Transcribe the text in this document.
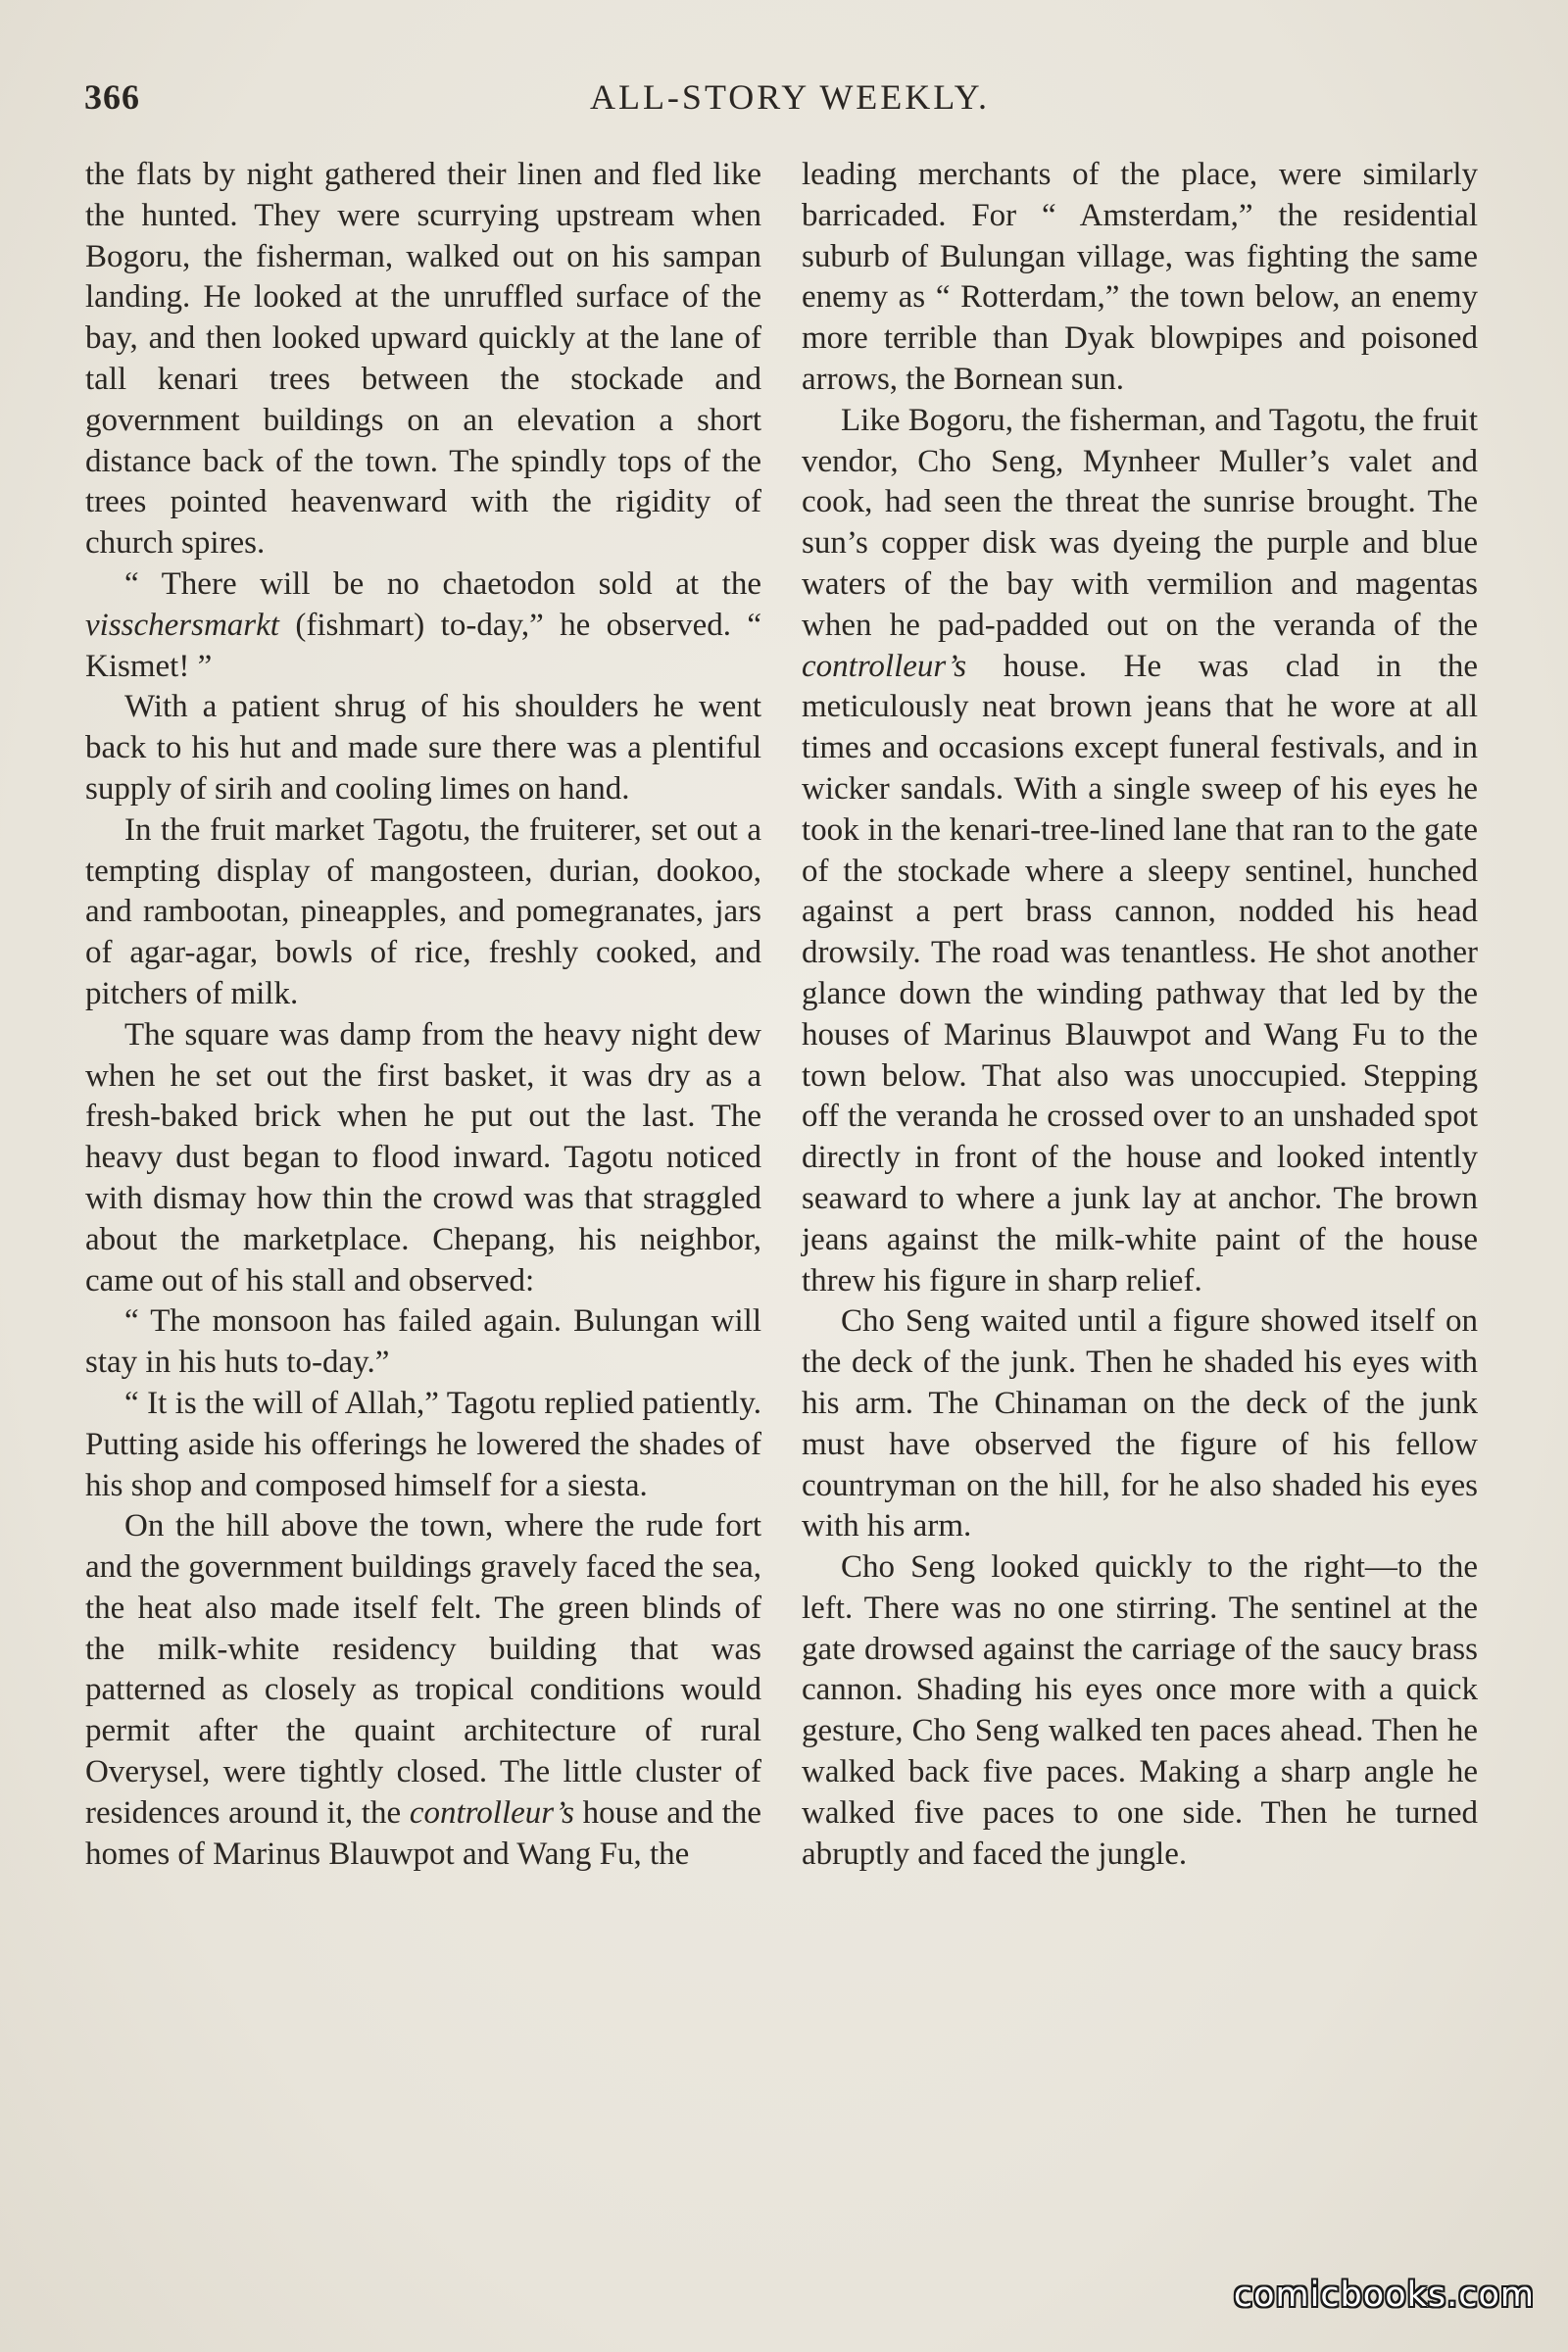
366	ALL-STORY WEEKLY.

the flats by night gathered their linen and fled like the hunted. They were scurrying upstream when Bogoru, the fisherman, walked out on his sampan landing. He looked at the unruffled surface of the bay, and then looked upward quickly at the lane of tall kenari trees between the stockade and government buildings on an elevation a short distance back of the town. The spindly tops of the trees pointed heavenward with the rigidity of church spires.

“ There will be no chaetodon sold at the visschersmarkt (fishmart) to-day,” he observed. “ Kismet! ”

With a patient shrug of his shoulders he went back to his hut and made sure there was a plentiful supply of sirih and cooling limes on hand.

In the fruit market Tagotu, the fruiterer, set out a tempting display of mangosteen, durian, dookoo, and rambootan, pineapples, and pomegranates, jars of agar-agar, bowls of rice, freshly cooked, and pitchers of milk.

The square was damp from the heavy night dew when he set out the first basket, it was dry as a fresh-baked brick when he put out the last. The heavy dust began to flood inward. Tagotu noticed with dismay how thin the crowd was that straggled about the marketplace. Chepang, his neighbor, came out of his stall and observed:

“ The monsoon has failed again. Bulungan will stay in his huts to-day.”

“ It is the will of Allah,” Tagotu replied patiently. Putting aside his offerings he lowered the shades of his shop and composed himself for a siesta.

On the hill above the town, where the rude fort and the government buildings gravely faced the sea, the heat also made itself felt. The green blinds of the milk-white residency building that was patterned as closely as tropical conditions would permit after the quaint architecture of rural Overysel, were tightly closed. The little cluster of residences around it, the controlleur’s house and the homes of Marinus Blauwpot and Wang Fu, the

leading merchants of the place, were similarly barricaded. For “ Amsterdam,” the residential suburb of Bulungan village, was fighting the same enemy as “ Rotterdam,” the town below, an enemy more terrible than Dyak blowpipes and poisoned arrows, the Bornean sun.

Like Bogoru, the fisherman, and Tagotu, the fruit vendor, Cho Seng, Mynheer Muller’s valet and cook, had seen the threat the sunrise brought. The sun’s copper disk was dyeing the purple and blue waters of the bay with vermilion and magentas when he pad-padded out on the veranda of the controlleur’s house. He was clad in the meticulously neat brown jeans that he wore at all times and occasions except funeral festivals, and in wicker sandals. With a single sweep of his eyes he took in the kenari-tree-lined lane that ran to the gate of the stockade where a sleepy sentinel, hunched against a pert brass cannon, nodded his head drowsily. The road was tenantless. He shot another glance down the winding pathway that led by the houses of Marinus Blauwpot and Wang Fu to the town below. That also was unoccupied. Stepping off the veranda he crossed over to an unshaded spot directly in front of the house and looked intently seaward to where a junk lay at anchor. The brown jeans against the milk-white paint of the house threw his figure in sharp relief.

Cho Seng waited until a figure showed itself on the deck of the junk. Then he shaded his eyes with his arm. The Chinaman on the deck of the junk must have observed the figure of his fellow countryman on the hill, for he also shaded his eyes with his arm.

Cho Seng looked quickly to the right—to the left. There was no one stirring. The sentinel at the gate drowsed against the carriage of the saucy brass cannon. Shading his eyes once more with a quick gesture, Cho Seng walked ten paces ahead. Then he walked back five paces. Making a sharp angle he walked five paces to one side. Then he turned abruptly and faced the jungle.

comicbooks.com
